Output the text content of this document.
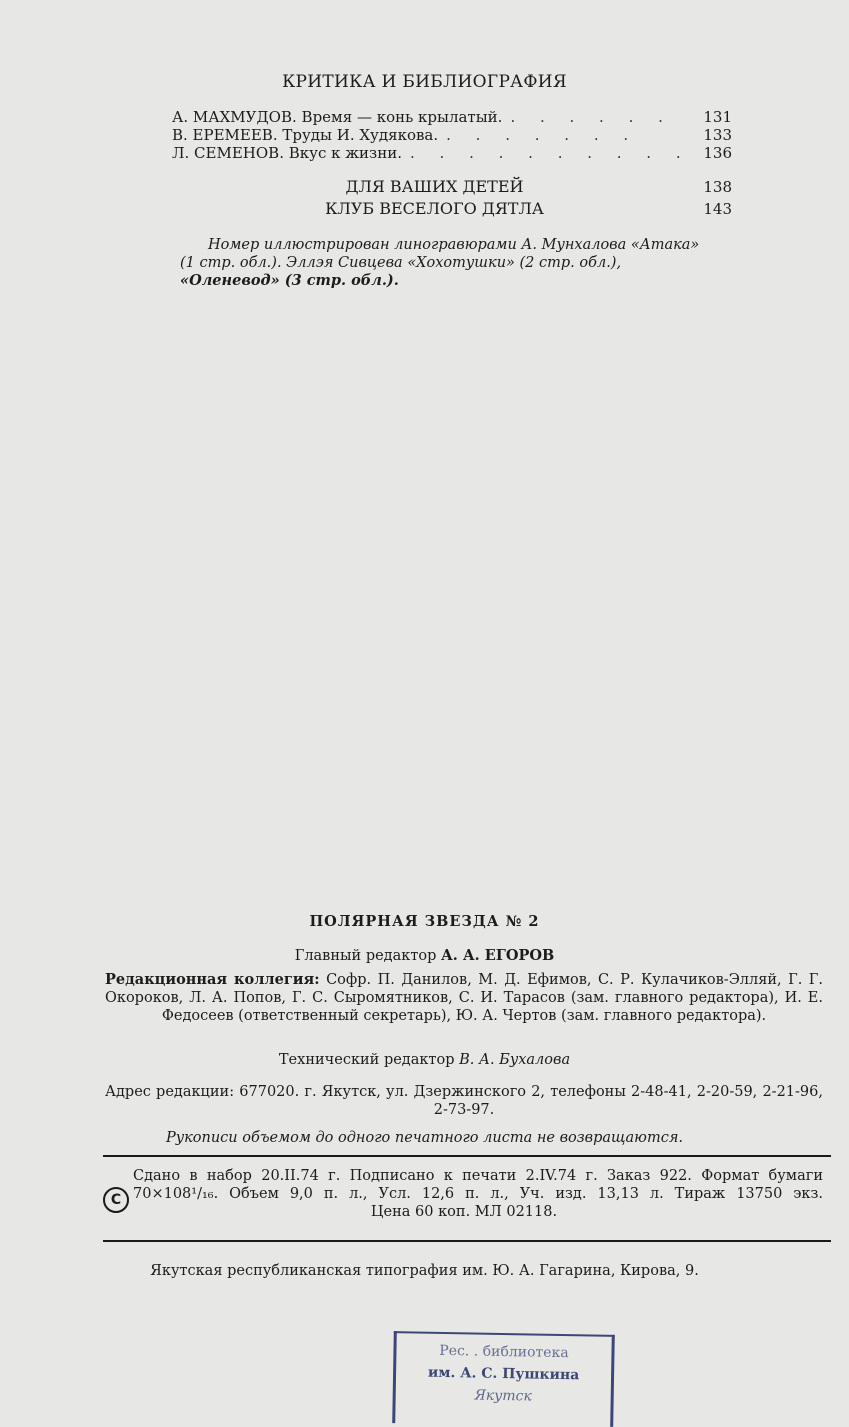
КРИТИКА И БИБЛИОГРАФИЯ
А. МАХМУДОВ. Время — конь крылатый. . . . . . . 131
В. ЕРЕМЕЕВ. Труды И. Худякова. . . . . . . .	133
Л. СЕМЕНОВ. Вкус к жизни. . . . . . . . . . . 136
ДЛЯ ВАШИХ ДЕТЕЙ	138
КЛУБ ВЕСЕЛОГО ДЯТЛА	143
Номер иллюстрирован линогравюрами А. Мунхалова «Атака» (1 стр. обл.). Эллэя Сивцева «Хохотушки» (2 стр. обл.), «Оленевод» (3 стр. обл.).
ПОЛЯРНАЯ ЗВЕЗДА № 2
Главный редактор А. А. ЕГОРОВ
Редакционная коллегия: Софр. П. Данилов, М. Д. Ефимов, С. Р. Кулачиков-Элляй, Г. Г. Окороков, Л. А. Попов, Г. С. Сыромятников, С. И. Тарасов (зам. главного редактора), И. Е. Федосеев (ответственный секретарь), Ю. А. Чертов (зам. главного редактора).
Технический редактор В. А. Бухалова
Адрес редакции: 677020. г. Якутск, ул. Дзержинского 2, телефоны 2-48-41, 2-20-59, 2-21-96, 2-73-97.
Рукописи объемом до одного печатного листа не возвращаются.
Сдано в набор 20.II.74 г. Подписано к печати 2.IV.74 г. Заказ 922. Формат бумаги
70×108¹/₁₆. Объем 9,0 п. л., Усл. 12,6 п. л., Уч. изд. 13,13 л. Тираж 13750 экз.
Цена 60 коп. МЛ 02118.
C
Якутская республиканская типография им. Ю. А. Гагарина, Кирова, 9.
Рес. . библиотека
им. А. С. Пушкина
Якутск
